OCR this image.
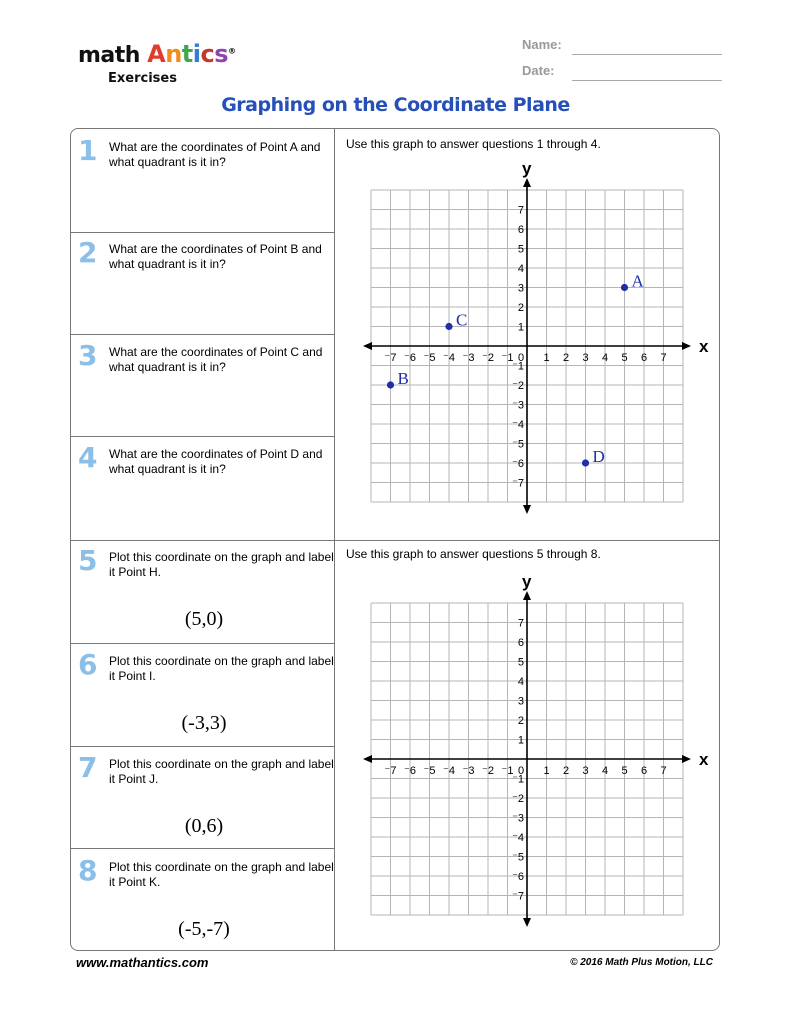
math Antics®
Exercises
Name:
Date:
Graphing on the Coordinate Plane
1 What are the coordinates of Point A and what quadrant is it in?
2 What are the coordinates of Point B and what quadrant is it in?
3 What are the coordinates of Point C and what quadrant is it in?
4 What are the coordinates of Point D and what quadrant is it in?
5 Plot this coordinate on the graph and label it Point H.
(5,0)
6 Plot this coordinate on the graph and label it Point I.
(-3,3)
7 Plot this coordinate on the graph and label it Point J.
(0,6)
8 Plot this coordinate on the graph and label it Point K.
(-5,-7)
Use this graph to answer questions 1 through 4.
Use this graph to answer questions 5 through 8.
x
y
⁻7 ⁻6 ⁻5 ⁻4 ⁻3 ⁻2 ⁻1 0 1 2 3 4 5 6 7
⁻7
⁻6
⁻5
⁻4
⁻3
⁻2
⁻1
1
2
3
4
5
6
7
A
B
C
D
x
y
⁻7 ⁻6 ⁻5 ⁻4 ⁻3 ⁻2 ⁻1 0 1 2 3 4 5 6 7
⁻7
⁻6
⁻5
⁻4
⁻3
⁻2
⁻1
1
2
3
4
5
6
7
www.mathantics.com	© 2016 Math Plus Motion, LLC
